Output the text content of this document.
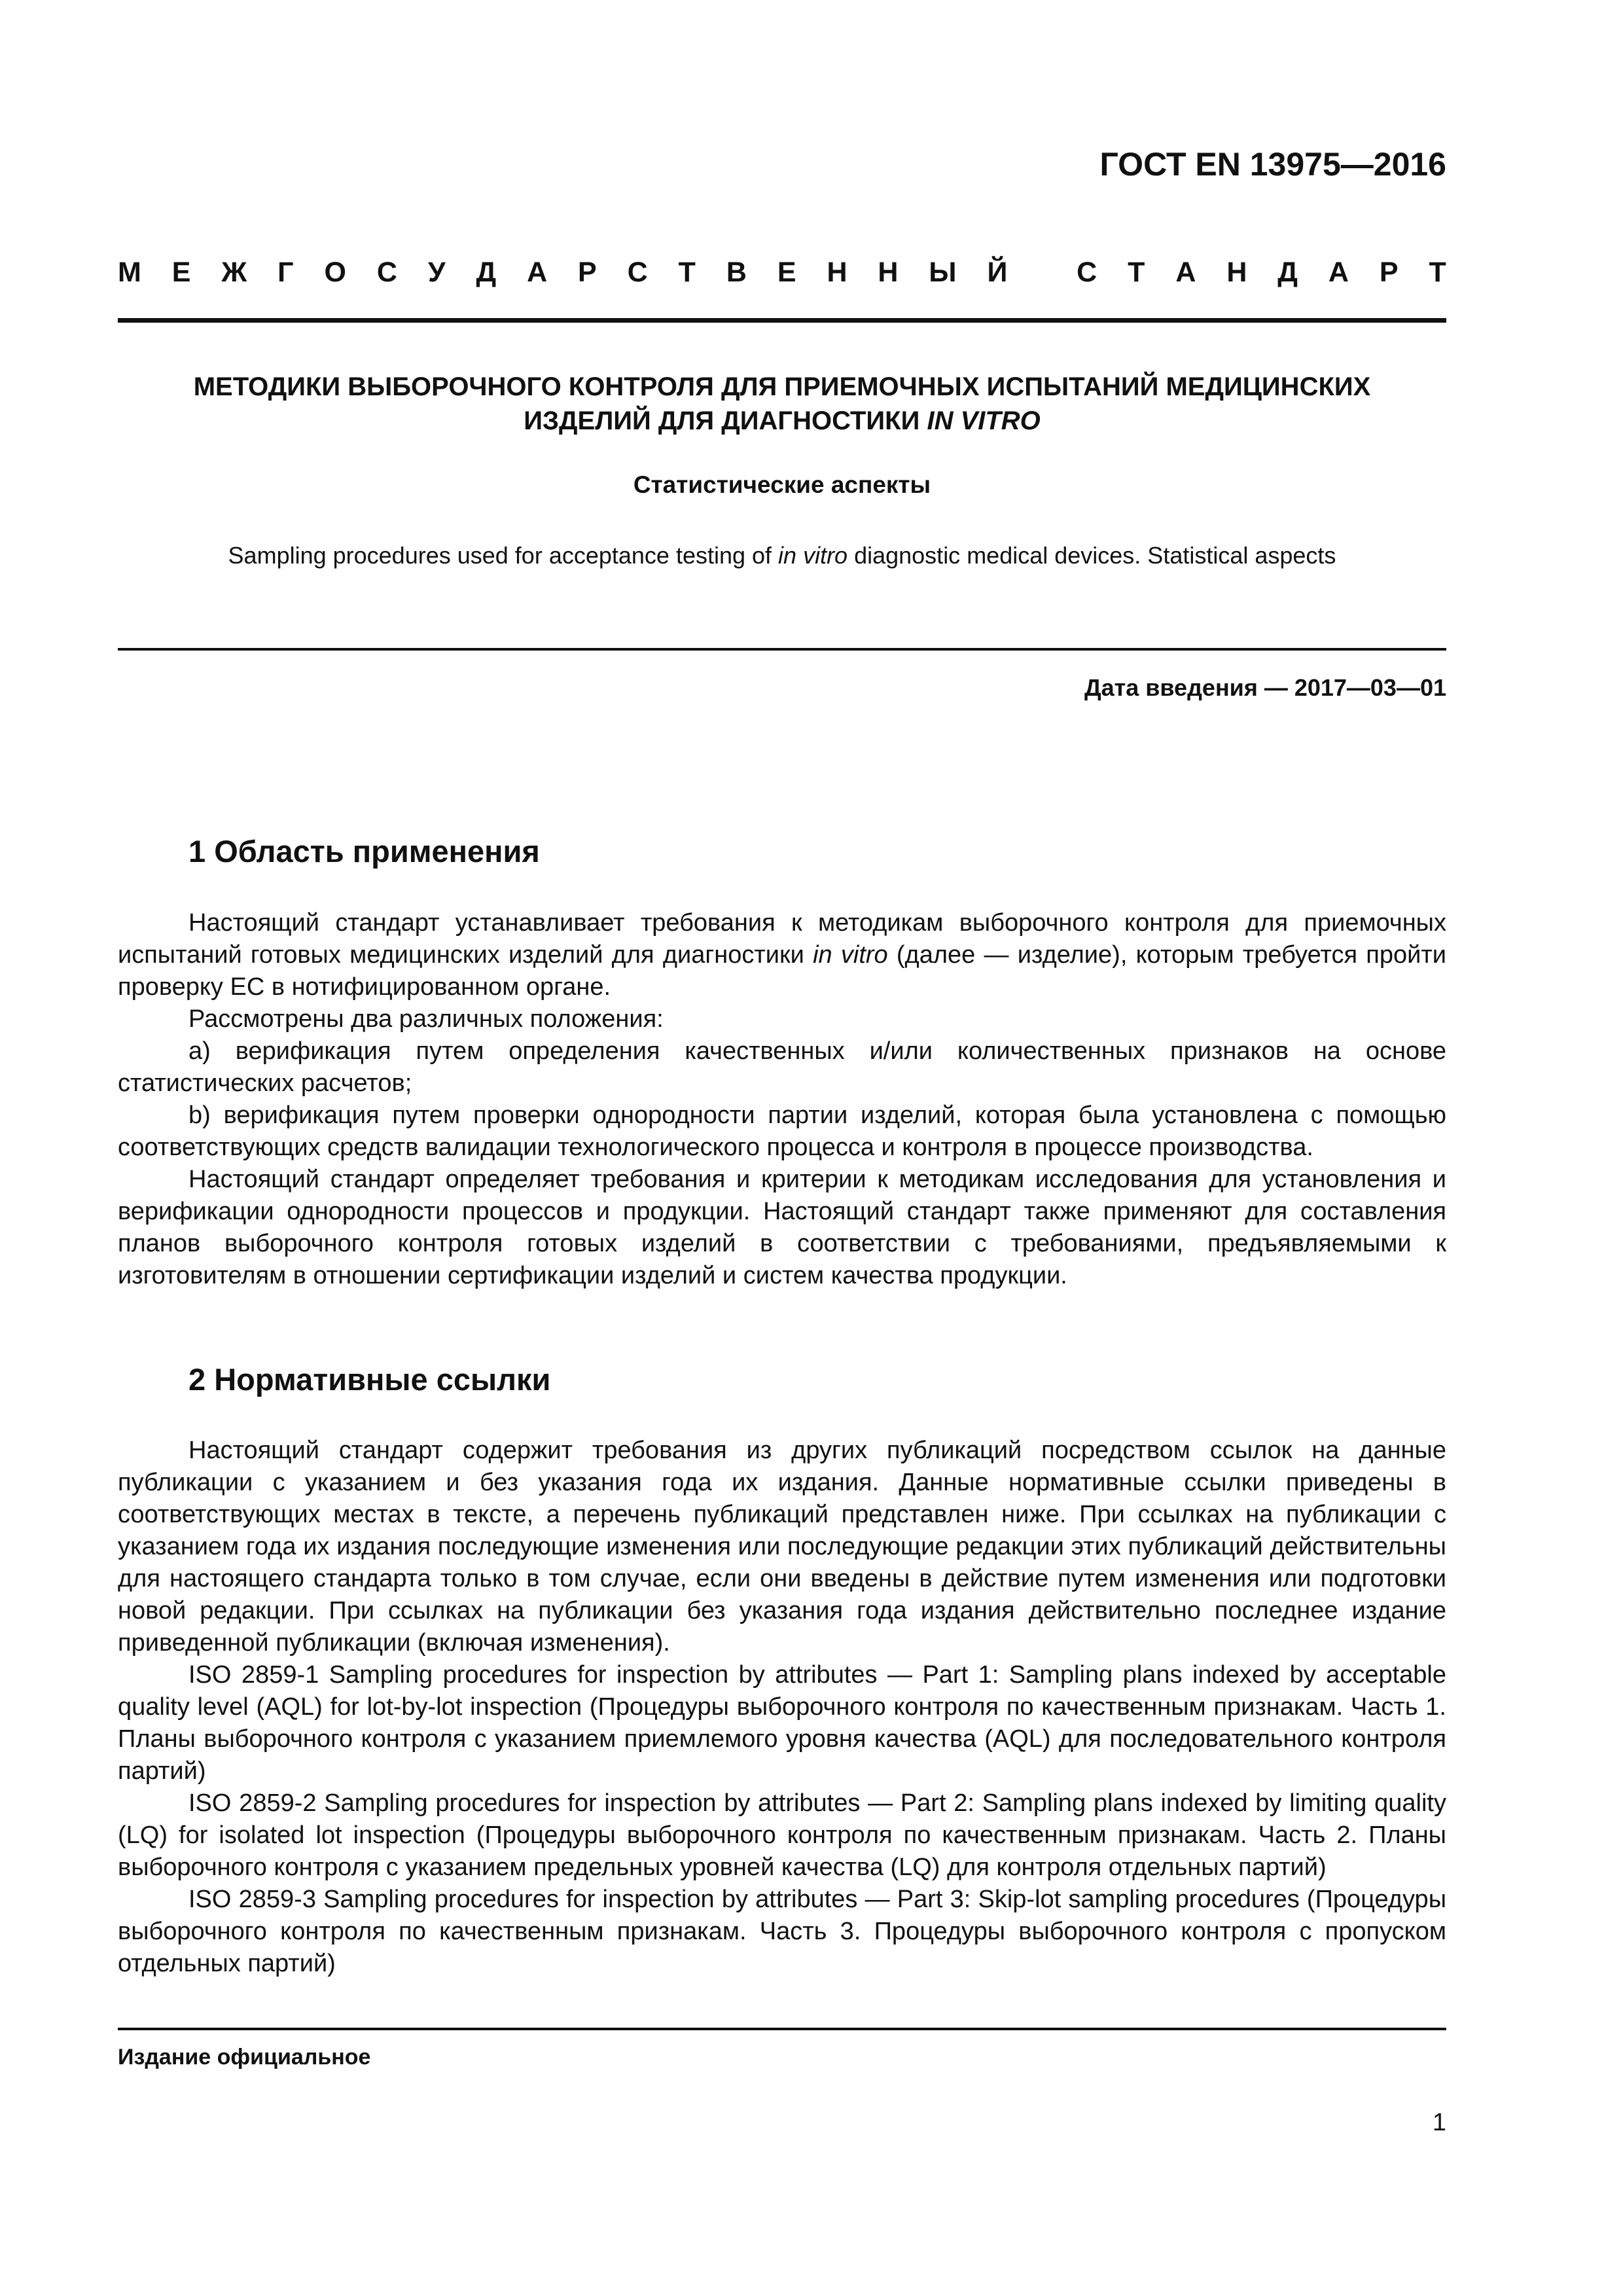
ГОСТ EN 13975—2016
М Е Ж Г О С У Д А Р С Т В Е Н Н Ы Й
С Т А Н Д А Р Т
МЕТОДИКИ ВЫБОРОЧНОГО КОНТРОЛЯ ДЛЯ ПРИЕМОЧНЫХ ИСПЫТАНИЙ МЕДИЦИНСКИХ
ИЗДЕЛИЙ ДЛЯ ДИАГНОСТИКИ IN VITRO
Статистические аспекты
Sampling procedures used for acceptance testing of in vitro diagnostic medical devices. Statistical aspects
Дата введения — 2017—03—01
1 Область применения

Настоящий стандарт устанавливает требования к методикам выборочного контроля для приемочных испытаний готовых медицинских изделий для диагностики in vitro (далее — изделие), которым требуется пройти проверку ЕС в нотифицированном органе.

Рассмотрены два различных положения:

a) верификация путем определения качественных и/или количественных признаков на основе статистических расчетов;

b) верификация путем проверки однородности партии изделий, которая была установлена с помощью соответствующих средств валидации технологического процесса и контроля в процессе производства.

Настоящий стандарт определяет требования и критерии к методикам исследования для установления и верификации однородности процессов и продукции. Настоящий стандарт также применяют для составления планов выборочного контроля готовых изделий в соответствии с требованиями, предъявляемыми к изготовителям в отношении сертификации изделий и систем качества продукции.

2 Нормативные ссылки

Настоящий стандарт содержит требования из других публикаций посредством ссылок на данные публикации с указанием и без указания года их издания. Данные нормативные ссылки приведены в соответствующих местах в тексте, а перечень публикаций представлен ниже. При ссылках на публикации с указанием года их издания последующие изменения или последующие редакции этих публикаций действительны для настоящего стандарта только в том случае, если они введены в действие путем изменения или подготовки новой редакции. При ссылках на публикации без указания года издания действительно последнее издание приведенной публикации (включая изменения).

ISO 2859-1 Sampling procedures for inspection by attributes — Part 1: Sampling plans indexed by acceptable quality level (AQL) for lot-by-lot inspection (Процедуры выборочного контроля по качественным признакам. Часть 1. Планы выборочного контроля с указанием приемлемого уровня качества (AQL) для последовательного контроля партий)

ISO 2859-2 Sampling procedures for inspection by attributes — Part 2: Sampling plans indexed by limiting quality (LQ) for isolated lot inspection (Процедуры выборочного контроля по качественным признакам. Часть 2. Планы выборочного контроля с указанием предельных уровней качества (LQ) для контроля отдельных партий)

ISO 2859-3 Sampling procedures for inspection by attributes — Part 3: Skip-lot sampling procedures (Процедуры выборочного контроля по качественным признакам. Часть 3. Процедуры выборочного контроля с пропуском отдельных партий)

Издание официальное
1
